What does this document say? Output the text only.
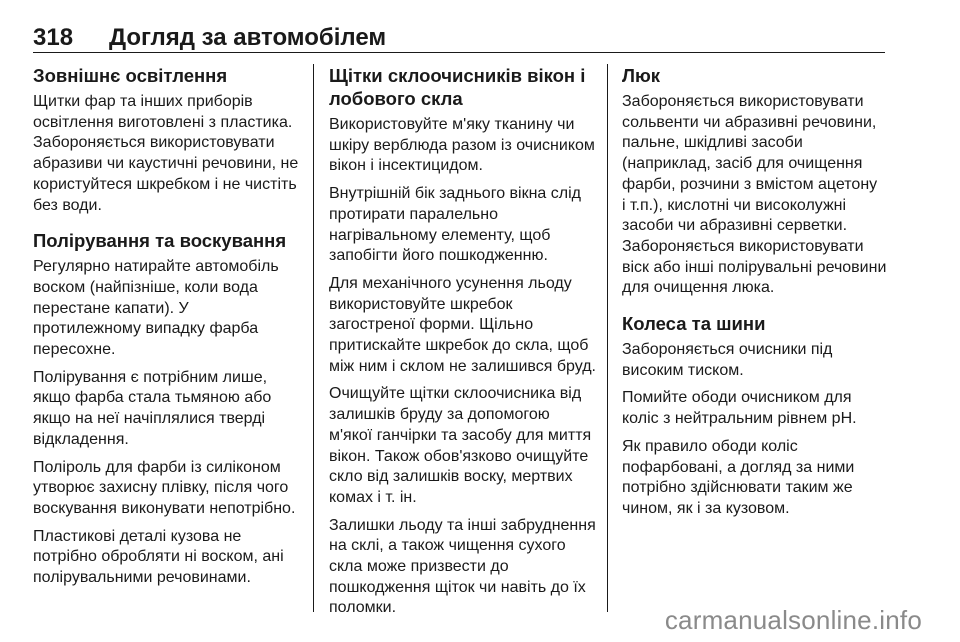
318 Догляд за автомобілем
Зовнішнє освітлення

Щитки фар та інших приборів
освітлення виготовлені з пластика.
Забороняється використовувати
абразиви чи каустичні речовини, не
користуйтеся шкребком і не чистіть
без води.

Полірування та воскування

Регулярно натирайте автомобіль
воском (найпізніше, коли вода
перестане капати). У
протилежному випадку фарба
пересохне.

Полірування є потрібним лише,
якщо фарба стала тьмяною або
якщо на неї начіплялися тверді
відкладення.

Поліроль для фарби із силіконом
утворює захисну плівку, після чого
воскування виконувати непотрібно.

Пластикові деталі кузова не
потрібно обробляти ні воском, ані
полірувальними речовинами.

Щітки склоочисників вікон і
лобового скла

Використовуйте м'яку тканину чи
шкіру верблюда разом із очисником
вікон і інсектицидом.

Внутрішній бік заднього вікна слід
протирати паралельно
нагрівальному елементу, щоб
запобігти його пошкодженню.

Для механічного усунення льоду
використовуйте шкребок
загостреної форми. Щільно
притискайте шкребок до скла, щоб
між ним і склом не залишився бруд.

Очищуйте щітки склоочисника від
залишків бруду за допомогою
м'якої ганчірки та засобу для миття
вікон. Також обов'язково очищуйте
скло від залишків воску, мертвих
комах і т. ін.

Залишки льоду та інші забруднення
на склі, а також чищення сухого
скла може призвести до
пошкодження щіток чи навіть до їх
поломки.

Люк

Забороняється використовувати
сольвенти чи абразивні речовини,
пальне, шкідливі засоби
(наприклад, засіб для очищення
фарби, розчини з вмістом ацетону
і т.п.), кислотні чи високолужні
засоби чи абразивні серветки.
Забороняється використовувати
віск або інші полірувальні речовини
для очищення люка.

Колеса та шини

Забороняється очисники під
високим тиском.

Помийте ободи очисником для
коліс з нейтральним рівнем pH.

Як правило ободи коліс
пофарбовані, а догляд за ними
потрібно здійснювати таким же
чином, як і за кузовом.

carmanualsonline.info
